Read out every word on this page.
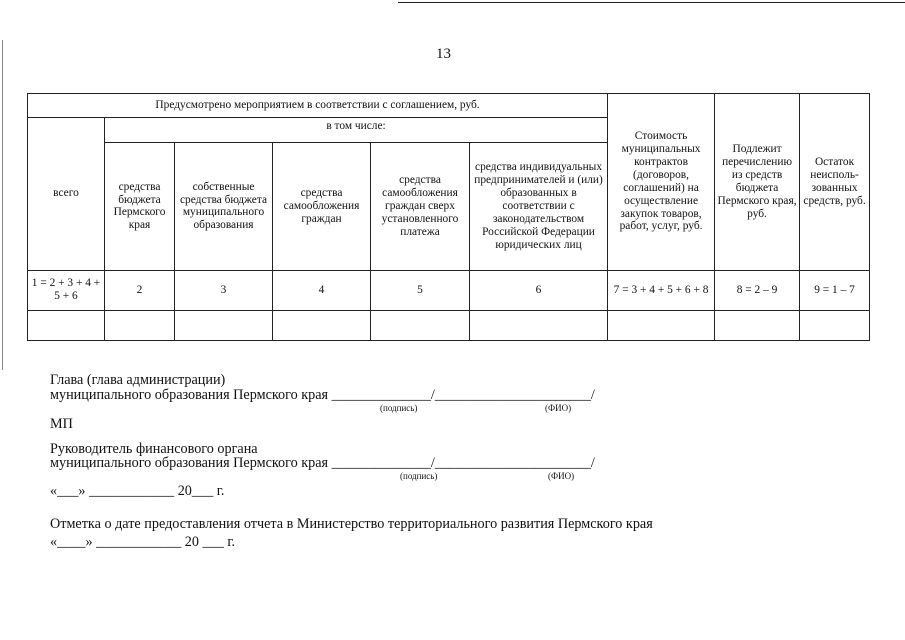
13
Предусмотрено мероприятием в соответствии с соглашением, руб.						Стоимость муниципальных контрактов (договоров, соглашений) на осуществление закупок товаров, работ, услуг, руб.	Подлежит перечислению из средств бюджета Пермского края, руб.	Остаток неисполь-зованных средств, руб.
всего	в том числе:							
	средства бюджета Пермского края	собственные средства бюджета муниципального образования	средства самообложения граждан	средства самообложения граждан сверх установленного платежа	средства индивидуальных предпринимателей и (или) образованных в соответствии с законодательством Российской Федерации юридических лиц			
1 = 2 + 3 + 4 + 5 + 6	2	3	4	5	6	7 = 3 + 4 + 5 + 6 + 8	8 = 2 – 9	9 = 1 – 7

Глава (глава администрации)
муниципального образования Пермского края ______________/______________________/
(подпись)	(ФИО)
МП
Руководитель финансового органа
муниципального образования Пермского края ______________/______________________/
(подпись)	(ФИО)
«___» ____________ 20___ г.
Отметка о дате предоставления отчета в Министерство территориального развития Пермского края
«____» ____________ 20 ___ г.
